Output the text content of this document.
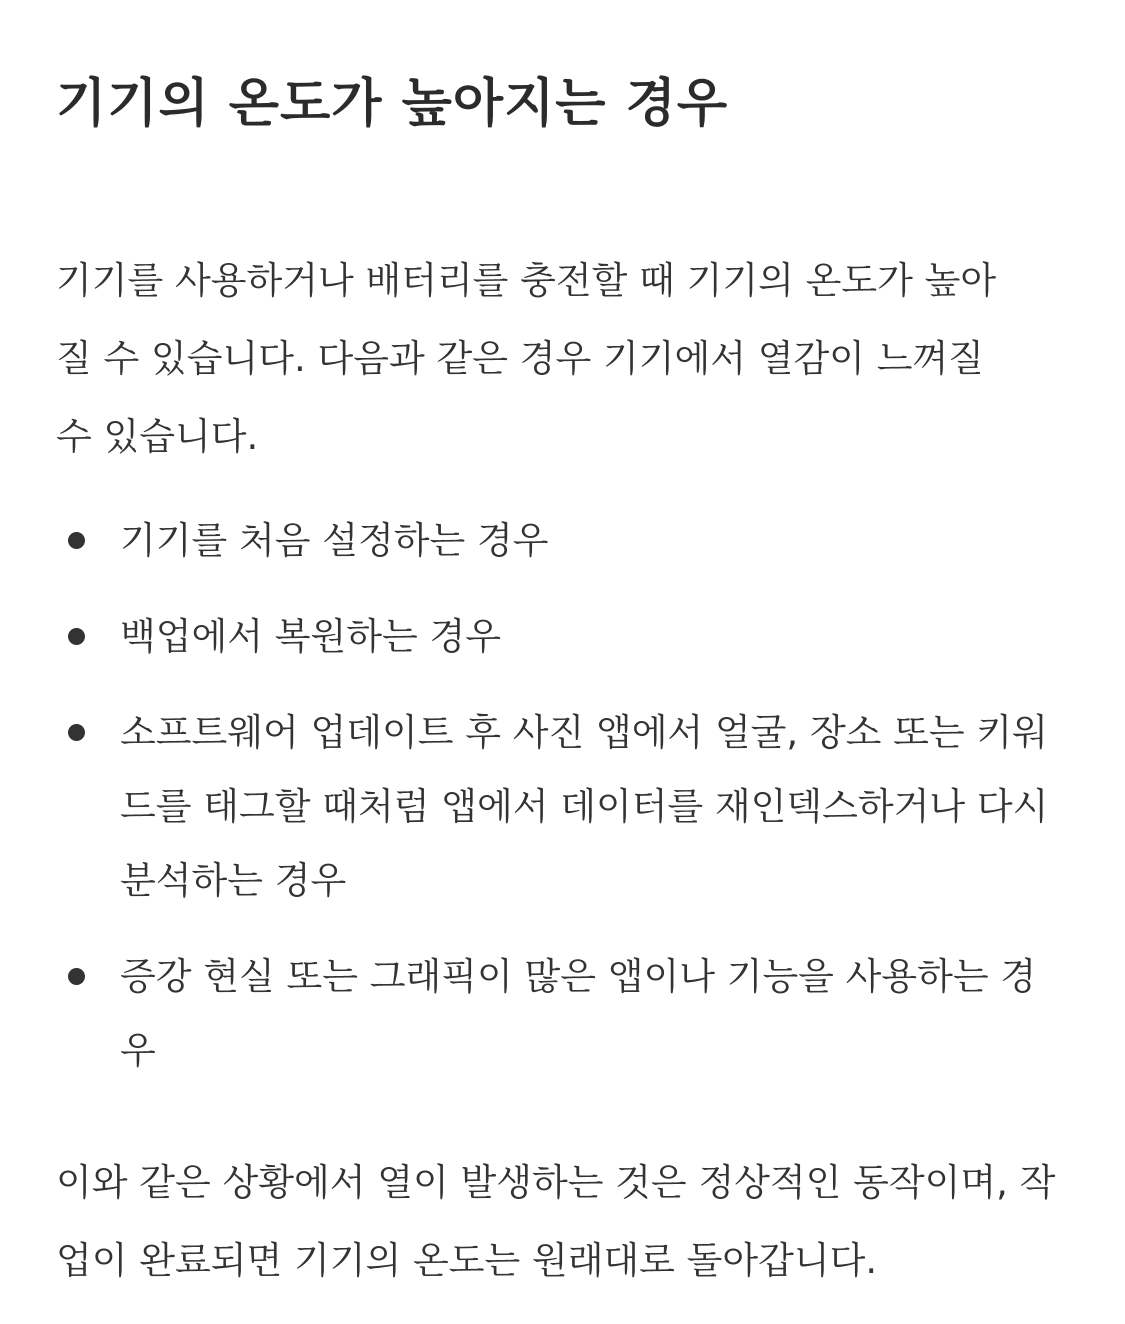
기기의 온도가 높아지는 경우

기기를 사용하거나 배터리를 충전할 때 기기의 온도가 높아질 수 있습니다. 다음과 같은 경우 기기에서 열감이 느껴질 수 있습니다.

기기를 처음 설정하는 경우
백업에서 복원하는 경우
소프트웨어 업데이트 후 사진 앱에서 얼굴, 장소 또는 키워드를 태그할 때처럼 앱에서 데이터를 재인덱스하거나 다시 분석하는 경우
증강 현실 또는 그래픽이 많은 앱이나 기능을 사용하는 경우

이와 같은 상황에서 열이 발생하는 것은 정상적인 동작이며, 작업이 완료되면 기기의 온도는 원래대로 돌아갑니다.
